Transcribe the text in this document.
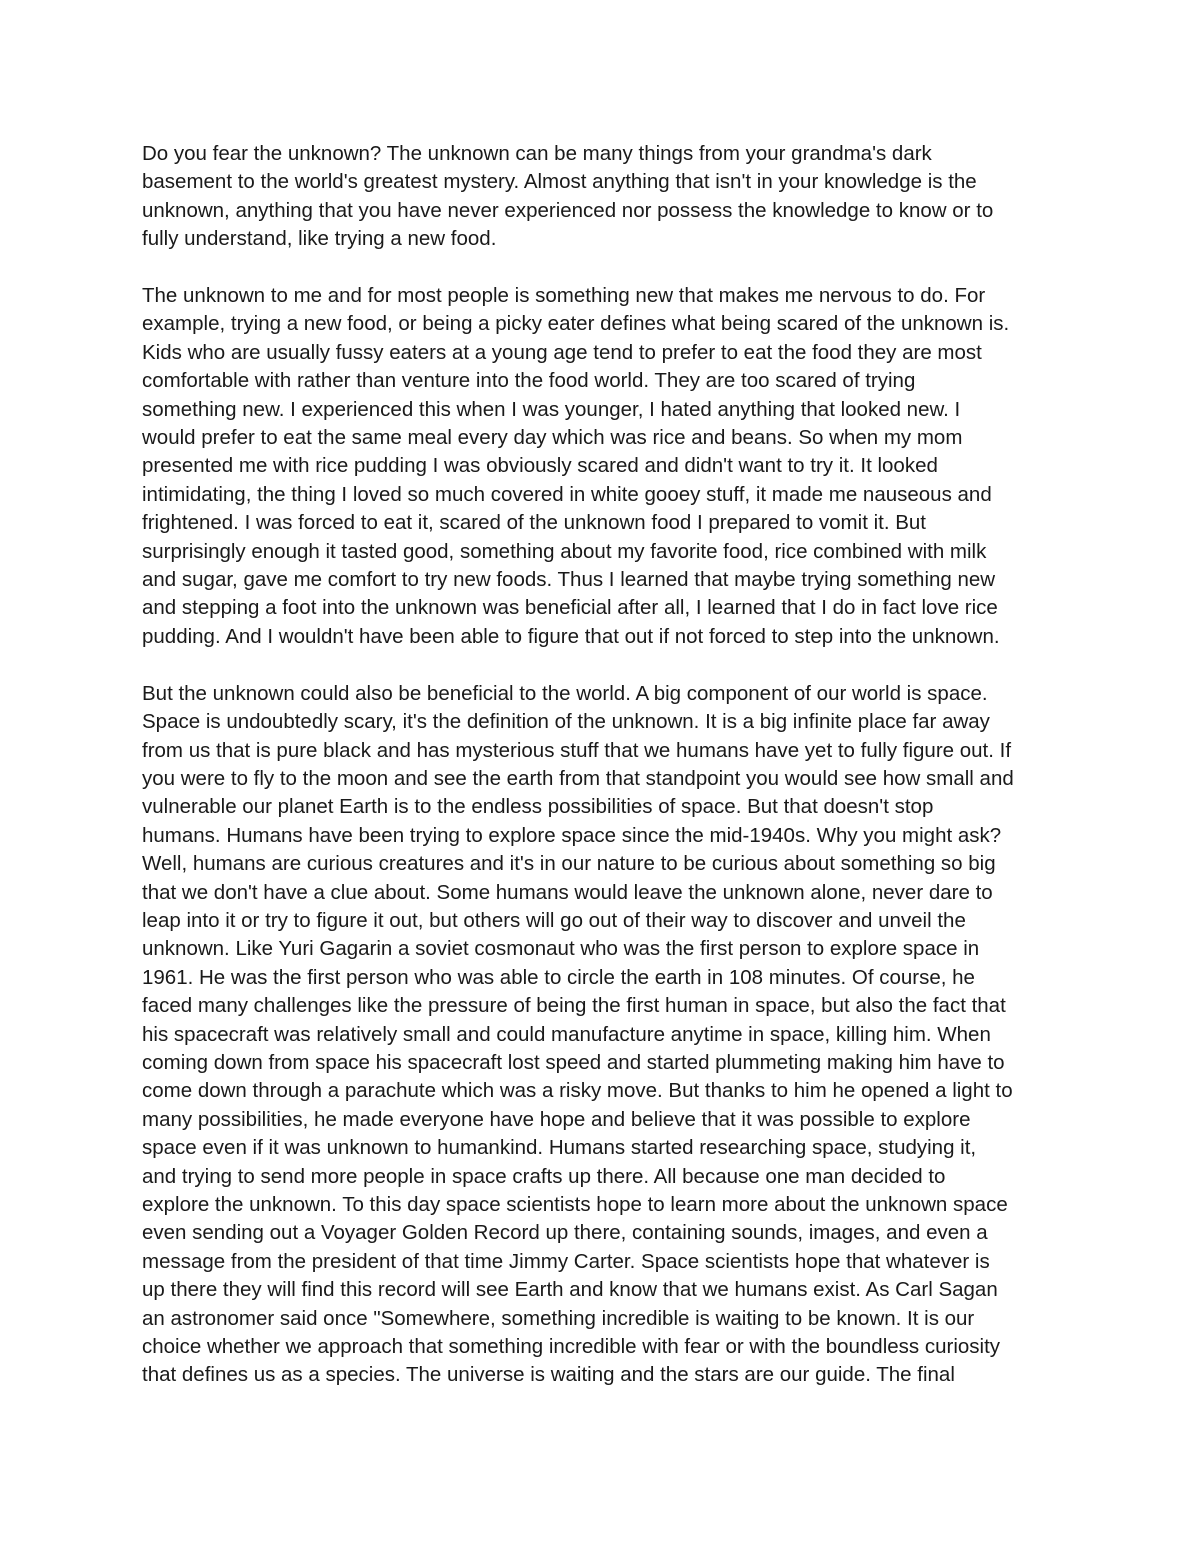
Do you fear the unknown? The unknown can be many things from your grandma's dark
basement to the world's greatest mystery. Almost anything that isn't in your knowledge is the
unknown, anything that you have never experienced nor possess the knowledge to know or to
fully understand, like trying a new food.

The unknown to me and for most people is something new that makes me nervous to do. For
example, trying a new food, or being a picky eater defines what being scared of the unknown is.
Kids who are usually fussy eaters at a young age tend to prefer to eat the food they are most
comfortable with rather than venture into the food world. They are too scared of trying
something new. I experienced this when I was younger, I hated anything that looked new. I
would prefer to eat the same meal every day which was rice and beans. So when my mom
presented me with rice pudding I was obviously scared and didn't want to try it. It looked
intimidating, the thing I loved so much covered in white gooey stuff, it made me nauseous and
frightened. I was forced to eat it, scared of the unknown food I prepared to vomit it. But
surprisingly enough it tasted good, something about my favorite food, rice combined with milk
and sugar, gave me comfort to try new foods. Thus I learned that maybe trying something new
and stepping a foot into the unknown was beneficial after all, I learned that I do in fact love rice
pudding. And I wouldn't have been able to figure that out if not forced to step into the unknown.

But the unknown could also be beneficial to the world. A big component of our world is space.
Space is undoubtedly scary, it's the definition of the unknown. It is a big infinite place far away
from us that is pure black and has mysterious stuff that we humans have yet to fully figure out. If
you were to fly to the moon and see the earth from that standpoint you would see how small and
vulnerable our planet Earth is to the endless possibilities of space. But that doesn't stop
humans. Humans have been trying to explore space since the mid-1940s. Why you might ask?
Well, humans are curious creatures and it's in our nature to be curious about something so big
that we don't have a clue about. Some humans would leave the unknown alone, never dare to
leap into it or try to figure it out, but others will go out of their way to discover and unveil the
unknown. Like Yuri Gagarin a soviet cosmonaut who was the first person to explore space in
1961. He was the first person who was able to circle the earth in 108 minutes. Of course, he
faced many challenges like the pressure of being the first human in space, but also the fact that
his spacecraft was relatively small and could manufacture anytime in space, killing him. When
coming down from space his spacecraft lost speed and started plummeting making him have to
come down through a parachute which was a risky move. But thanks to him he opened a light to
many possibilities, he made everyone have hope and believe that it was possible to explore
space even if it was unknown to humankind. Humans started researching space, studying it,
and trying to send more people in space crafts up there. All because one man decided to
explore the unknown. To this day space scientists hope to learn more about the unknown space
even sending out a Voyager Golden Record up there, containing sounds, images, and even a
message from the president of that time Jimmy Carter. Space scientists hope that whatever is
up there they will find this record will see Earth and know that we humans exist. As Carl Sagan
an astronomer said once "Somewhere, something incredible is waiting to be known. It is our
choice whether we approach that something incredible with fear or with the boundless curiosity
that defines us as a species. The universe is waiting and the stars are our guide. The final
